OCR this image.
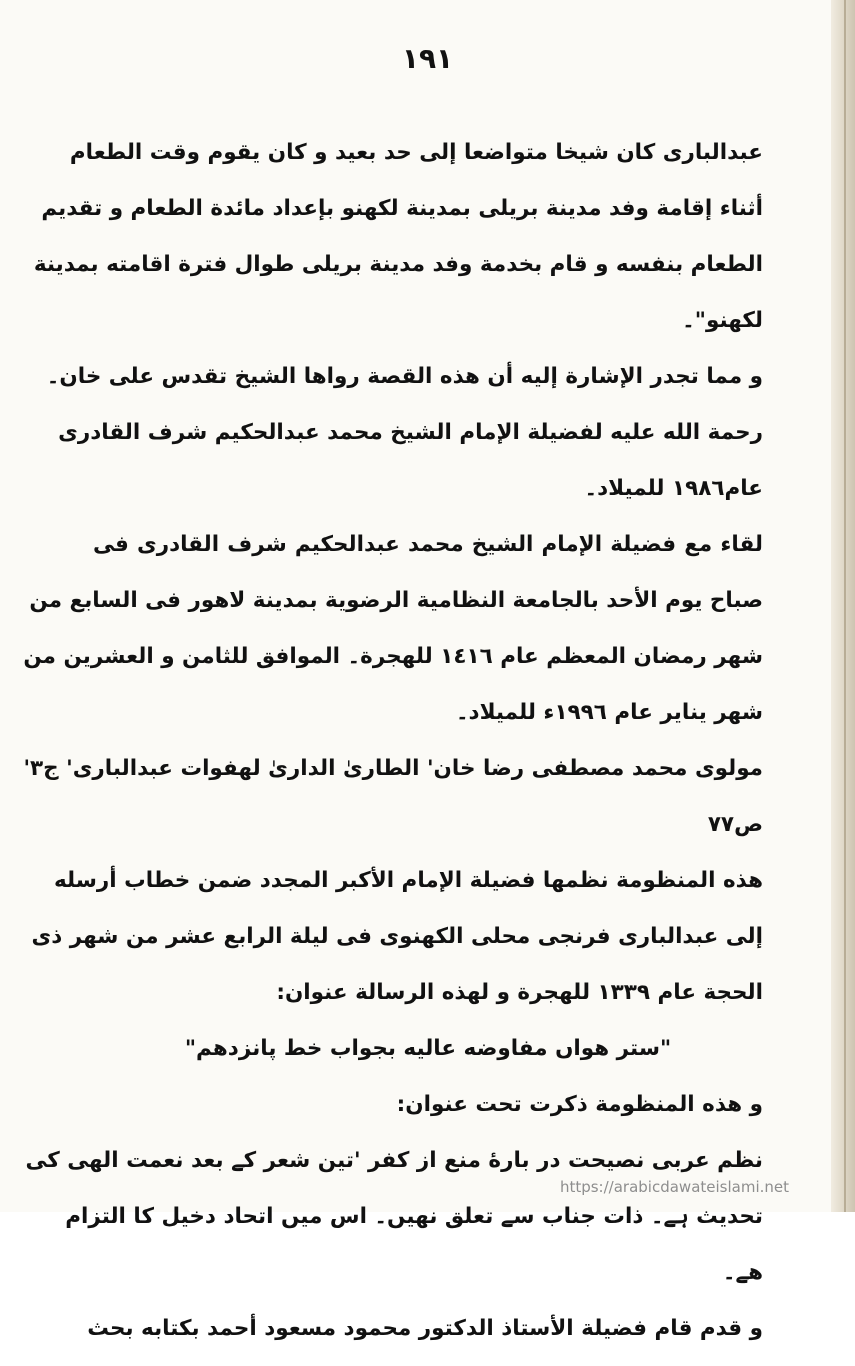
١٩١
عبدالباری کان شیخا متواضعا إلى حد بعید و کان یقوم وقت الطعام
أثناء إقامة وفد مدینة بریلی بمدینة لکهنو بإعداد مائدة الطعام و تقدیم
الطعام بنفسه و قام بخدمة وفد مدینة بریلی طوال فترة اقامته بمدینة
لکهنو"۔
و مما تجدر الإشارة إلیه أن هذه القصة رواها الشیخ تقدس علی خان۔
رحمة الله علیه لفضیلة الإمام الشیخ محمد عبدالحکیم شرف القادری
عام١٩٨٦ للمیلاد۔
لقاء مع فضیلة الإمام الشیخ محمد عبدالحکیم شرف القادری فی
صباح یوم الأحد بالجامعة النظامیة الرضویة بمدینة لاهور فی السابع من
شهر رمضان المعظم عام ١٤١٦ للهجرة۔ الموافق للثامن و العشرین من
شهر ینایر عام ١٩٩٦ء للمیلاد۔
مولوی محمد مصطفی رضا خان' الطاریٰ الداریٰ لهفوات عبدالباری' ج٣'
ص٧٧
هذه المنظومة نظمها فضیلة الإمام الأکبر المجدد ضمن خطاب أرسله
إلى عبدالباری فرنجی محلی الکهنوی فی لیلة الرابع عشر من شهر ذی
الحجة عام ١٣٣٩ للهجرة و لهذه الرسالة عنوان:
"ستر هواں مفاوضه عالیه بجواب خط پانزدهم"
و هذه المنظومة ذکرت تحت عنوان:
نظم عربی نصیحت در بارهٔ منع از کفر 'تین شعر کے بعد نعمت الهی کی
تحدیث ہے۔ ذات جناب سے تعلق نهیں۔ اس میں اتحاد دخیل کا التزام
ھے۔
و قدم قام فضیلة الأستاذ الدکتور محمود مسعود أحمد بکتابه بحث
https://arabicdawateislami.net
